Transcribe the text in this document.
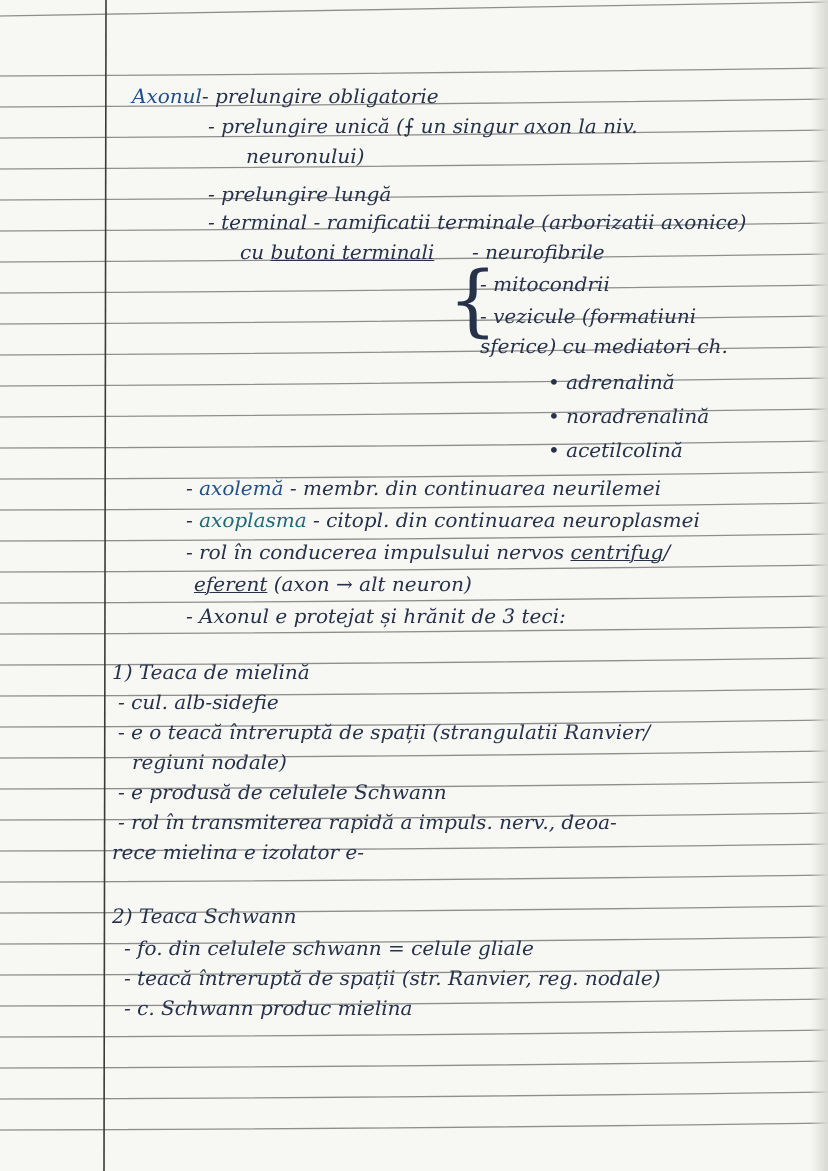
Axonul- prelungire obligatorie
- prelungire unică (⨍ un singur axon la niv.
neuronului)
- prelungire lungă
- terminal - ramificatii terminale (arborizatii axonice)
cu butoni terminali - neurofibrile
{
- mitocondrii
- vezicule (formatiuni
sferice) cu mediatori ch.
• adrenalină
• noradrenalină
• acetilcolină
- axolemă - membr. din continuarea neurilemei
- axoplasma - citopl. din continuarea neuroplasmei
- rol în conducerea impulsului nervos centrifug/
eferent (axon → alt neuron)
- Axonul e protejat și hrănit de 3 teci:
1) Teaca de mielină
- cul. alb-sidefie
- e o teacă întreruptă de spații (strangulatii Ranvier/
regiuni nodale)
- e produsă de celulele Schwann
- rol în transmiterea rapidă a impuls. nerv., deoa-
rece mielina e izolator e-
2) Teaca Schwann
- fo. din celulele schwann = celule gliale
- teacă întreruptă de spații (str. Ranvier, reg. nodale)
- c. Schwann produc mielina
